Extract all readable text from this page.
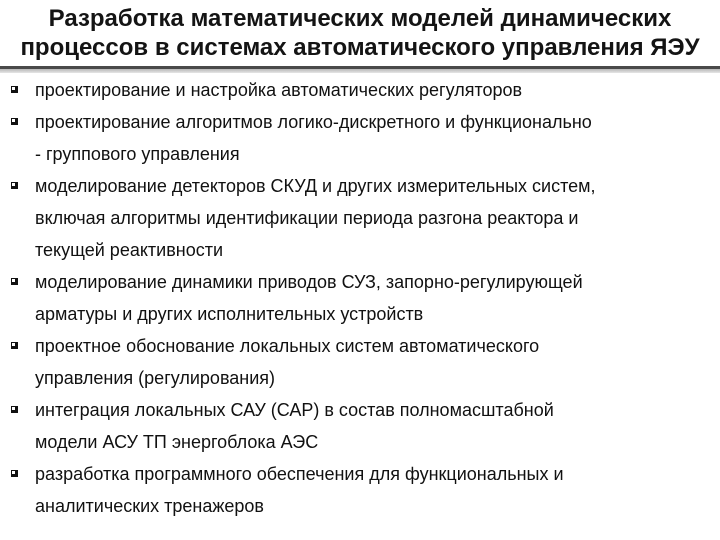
Разработка математических моделей динамических
процессов в системах автоматического управления ЯЭУ
проектирование и настройка автоматических регуляторов
проектирование алгоритмов логико-дискретного и функционально
- группового управления
моделирование детекторов СКУД и других измерительных систем,
включая алгоритмы идентификации периода разгона реактора и
текущей реактивности
моделирование динамики приводов СУЗ, запорно-регулирующей
арматуры и других исполнительных устройств
проектное обоснование локальных систем автоматического
управления (регулирования)
интеграция локальных САУ (САР) в состав полномасштабной
модели АСУ ТП энергоблока АЭС
разработка программного обеспечения для функциональных и
аналитических тренажеров
